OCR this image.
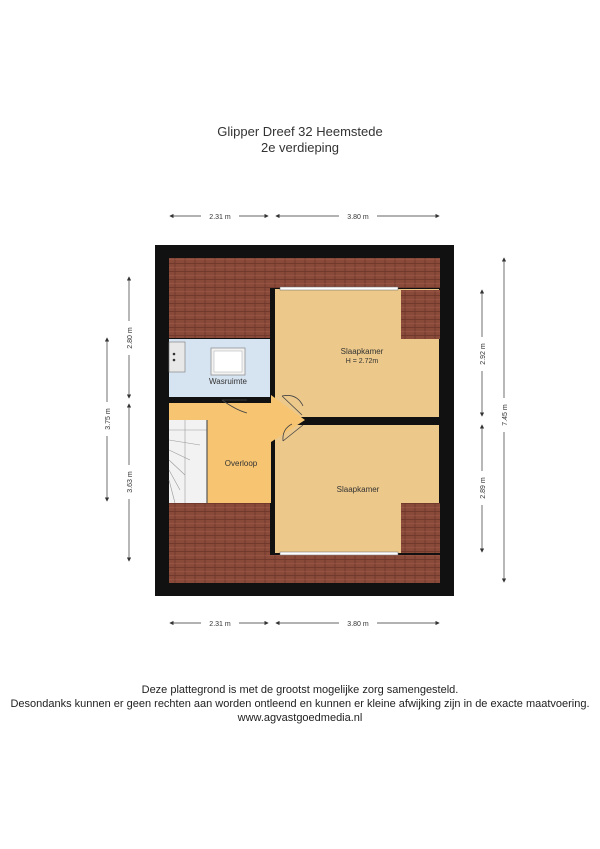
Glipper Dreef 32 Heemstede
2e verdieping
Slaapkamer
H = 2.72m
Slaapkamer
Wasruimte
Overloop
2.31 m	3.80 m
2.31 m	3.80 m
3.75 m
2.80 m
3.63 m
2.92 m
2.89 m
7.45 m
Deze plattegrond is met de grootst mogelijke zorg samengesteld.
Desondanks kunnen er geen rechten aan worden ontleend en kunnen er kleine afwijking zijn in de exacte maatvoering.
www.agvastgoedmedia.nl
